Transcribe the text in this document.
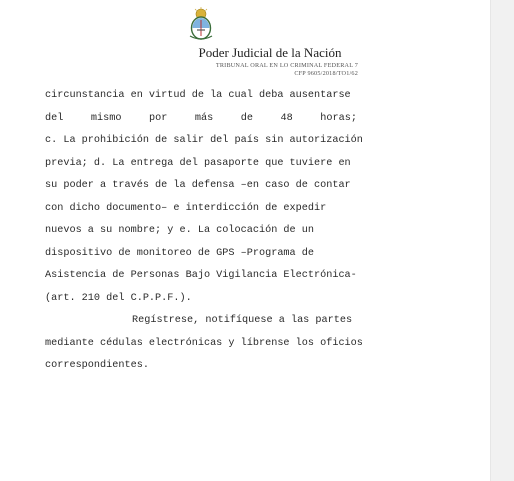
Poder Judicial de la Nación
TRIBUNAL ORAL EN LO CRIMINAL FEDERAL 7
CFP 9605/2018/TO1/62
circunstancia en virtud de la cual deba ausentarse
del	mismo	por	más	de	48	horas;
c. La prohibición de salir del país sin autorización
previa; d. La entrega del pasaporte que tuviere en
su poder a través de la defensa –en caso de contar
con dicho documento– e interdicción de expedir
nuevos a su nombre; y e. La colocación de un
dispositivo de monitoreo de GPS –Programa de
Asistencia de Personas Bajo Vigilancia Electrónica-
(art. 210 del C.P.P.F.).
Regístrese, notifíquese a las partes
mediante cédulas electrónicas y líbrense los oficios
correspondientes.
